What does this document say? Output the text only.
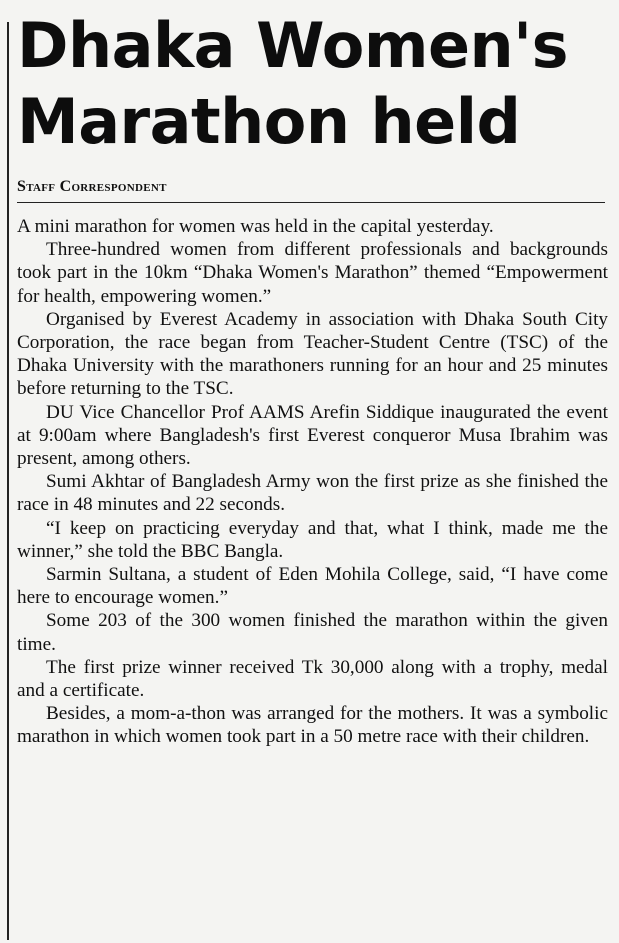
Dhaka Women's Marathon held
Staff Correspondent

A mini marathon for women was held in the capital yesterday.

Three-hundred women from different professionals and backgrounds took part in the 10km “Dhaka Women's Marathon” themed “Empowerment for health, empowering women.”

Organised by Everest Academy in association with Dhaka South City Corporation, the race began from Teacher-Student Centre (TSC) of the Dhaka University with the marathoners running for an hour and 25 minutes before returning to the TSC.

DU Vice Chancellor Prof AAMS Arefin Siddique inaugurated the event at 9:00am where Bangladesh's first Everest conqueror Musa Ibrahim was present, among others.

Sumi Akhtar of Bangladesh Army won the first prize as she finished the race in 48 minutes and 22 seconds.

“I keep on practicing everyday and that, what I think, made me the winner,” she told the BBC Bangla.

Sarmin Sultana, a student of Eden Mohila College, said, “I have come here to encourage women.”

Some 203 of the 300 women finished the marathon within the given time.

The first prize winner received Tk 30,000 along with a trophy, medal and a certificate.

Besides, a mom-a-thon was arranged for the mothers. It was a symbolic marathon in which women took part in a 50 metre race with their children.
